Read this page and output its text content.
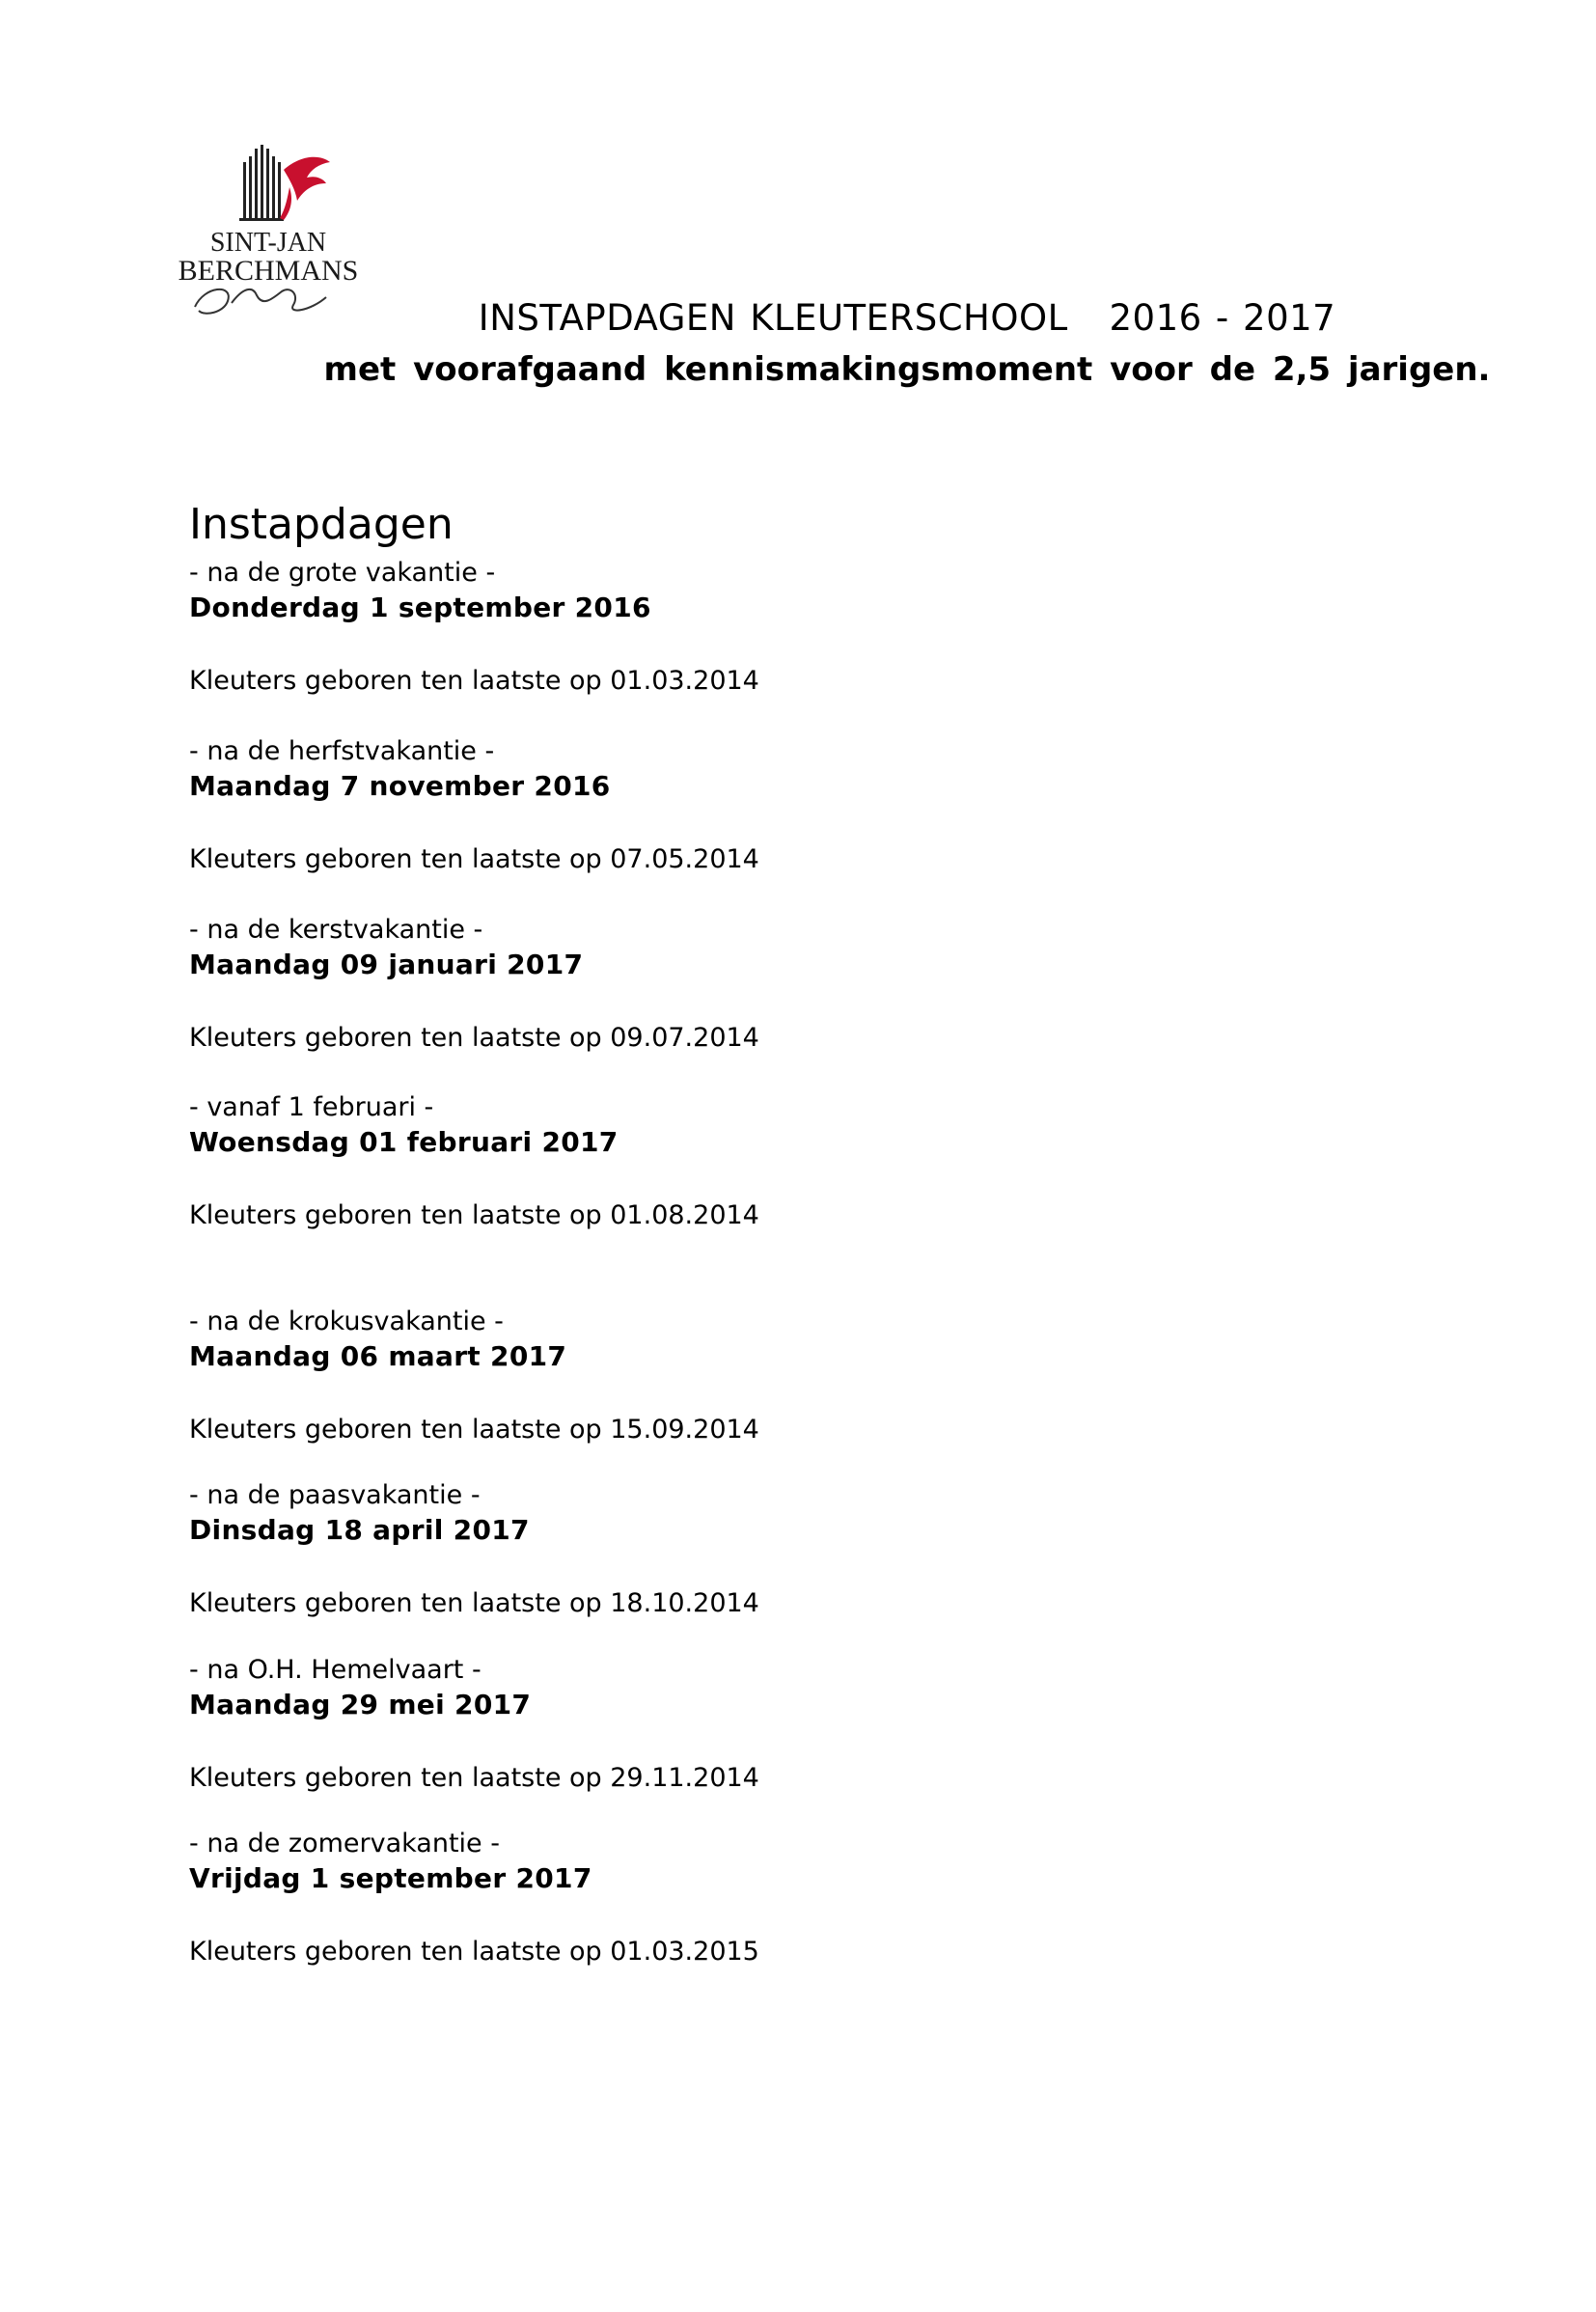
SINT-JAN
BERCHMANS
INSTAPDAGEN KLEUTERSCHOOL   2016 - 2017
met voorafgaand kennismakingsmoment voor de 2,5 jarigen.
Instapdagen
- na de grote vakantie -
Donderdag 1 september 2016
Kleuters geboren ten laatste op 01.03.2014
- na de herfstvakantie -
Maandag 7 november 2016
Kleuters geboren ten laatste op 07.05.2014
- na de kerstvakantie -
Maandag 09 januari 2017
Kleuters geboren ten laatste op 09.07.2014
- vanaf 1 februari -
Woensdag 01 februari 2017
Kleuters geboren ten laatste op 01.08.2014
- na de krokusvakantie -
Maandag 06 maart 2017
Kleuters geboren ten laatste op 15.09.2014
- na de paasvakantie -
Dinsdag 18 april 2017
Kleuters geboren ten laatste op 18.10.2014
- na O.H. Hemelvaart -
Maandag 29 mei 2017
Kleuters geboren ten laatste op 29.11.2014
- na de zomervakantie -
Vrijdag 1 september 2017
Kleuters geboren ten laatste op 01.03.2015
